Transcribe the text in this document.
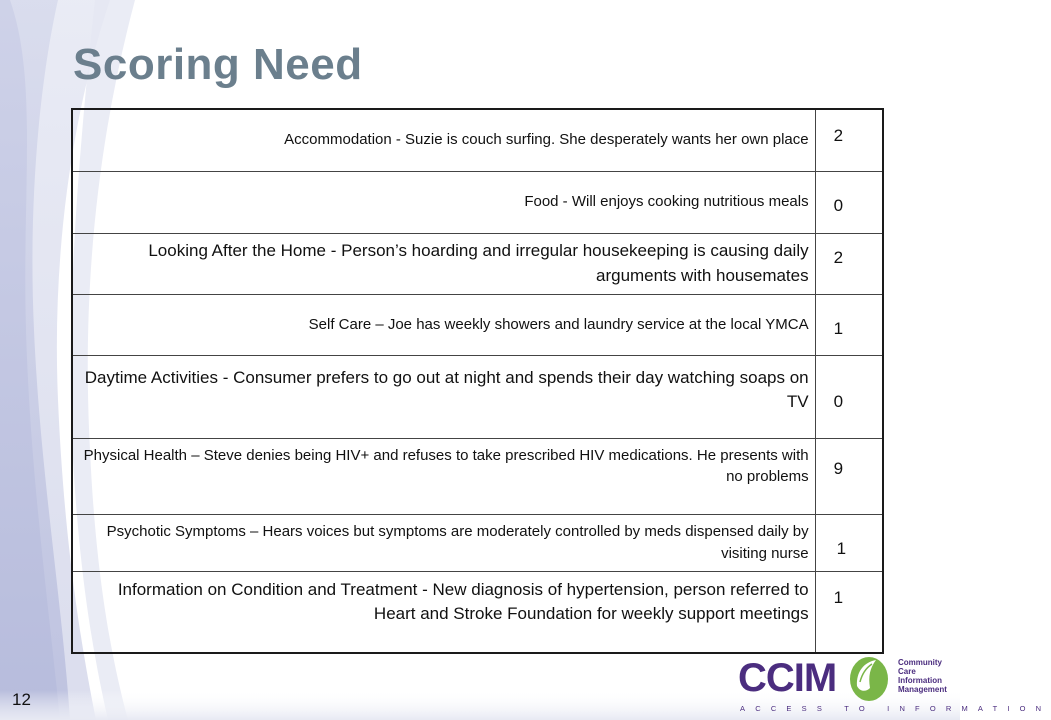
Scoring Need
Accommodation - Suzie is couch surfing. She desperately wants her own place	2

Food - Will enjoys cooking nutritious meals	0

Looking After the Home - Person’s hoarding and irregular housekeeping is causing daily arguments with housemates	2

Self Care – Joe has weekly showers and laundry service at the local YMCA	1

Daytime Activities - Consumer prefers to go out at night and spends their day watching soaps on TV	0

Physical Health – Steve denies being HIV+ and refuses to take prescribed HIV medications. He presents with no problems	9

Psychotic Symptoms – Hears voices but symptoms are moderately controlled by meds dispensed daily by visiting nurse	1

Information on Condition and Treatment - New diagnosis of hypertension, person referred to Heart and Stroke Foundation for weekly support meetings	1
12	CCIM	Community
Care
Information
Management
ACCESS TO INFORMATION
